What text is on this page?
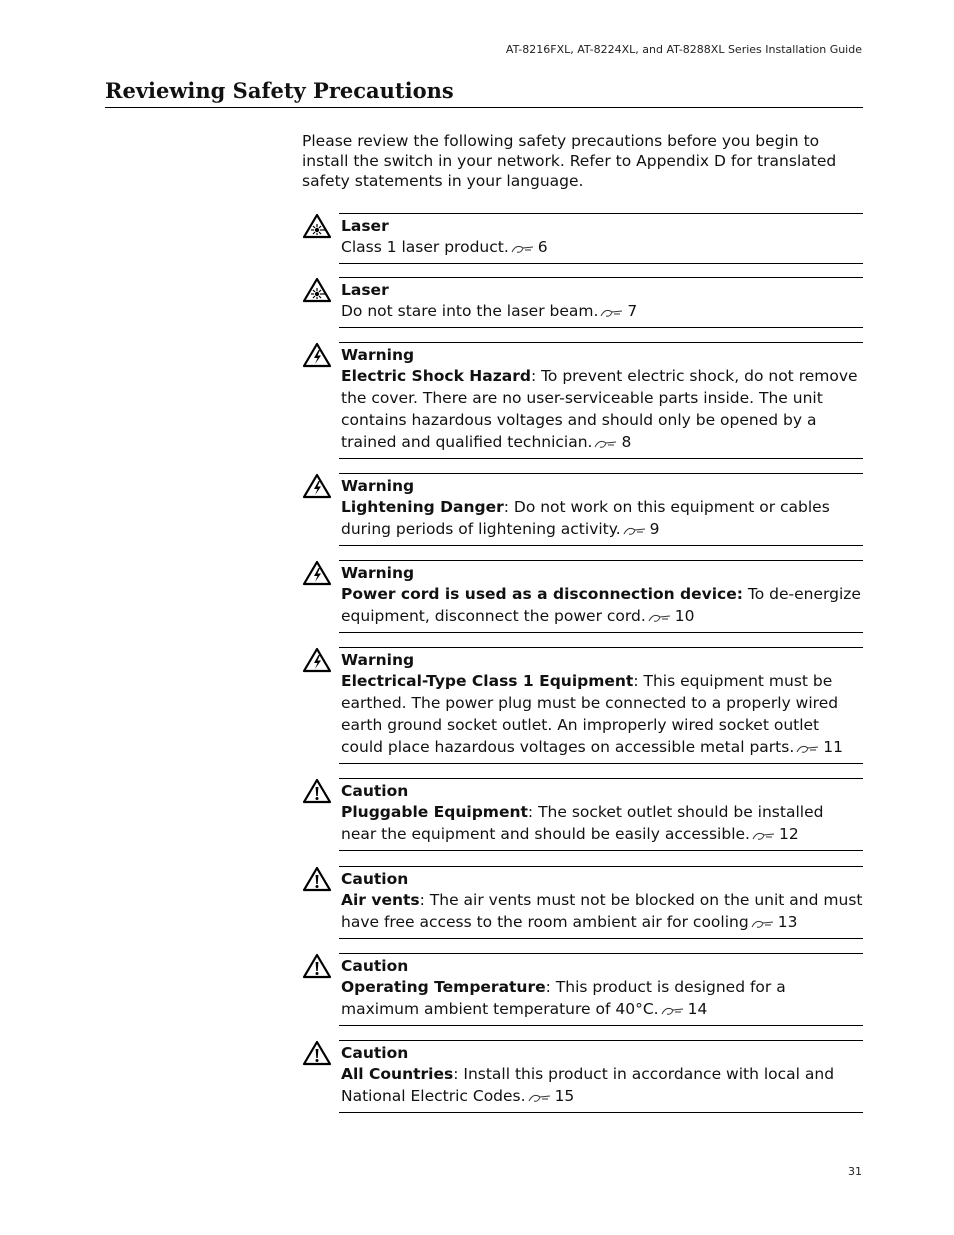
AT-8216FXL, AT-8224XL, and AT-8288XL Series Installation Guide
Reviewing Safety Precautions

Please review the following safety precautions before you begin to install the switch in your network. Refer to Appendix D for translated safety statements in your language.

Laser
Class 1 laser product. 6
Laser
Do not stare into the laser beam. 7
Warning
Electric Shock Hazard: To prevent electric shock, do not remove the cover. There are no user-serviceable parts inside. The unit contains hazardous voltages and should only be opened by a trained and qualified technician. 8
Warning
Lightening Danger: Do not work on this equipment or cables during periods of lightening activity. 9
Warning
Power cord is used as a disconnection device: To de-energize equipment, disconnect the power cord. 10
Warning
Electrical-Type Class 1 Equipment: This equipment must be earthed. The power plug must be connected to a properly wired earth ground socket outlet. An improperly wired socket outlet could place hazardous voltages on accessible metal parts. 11
Caution
Pluggable Equipment: The socket outlet should be installed near the equipment and should be easily accessible. 12
Caution
Air vents: The air vents must not be blocked on the unit and must have free access to the room ambient air for cooling 13
Caution
Operating Temperature: This product is designed for a maximum ambient temperature of 40°C. 14
Caution
All Countries: Install this product in accordance with local and National Electric Codes. 15
31
